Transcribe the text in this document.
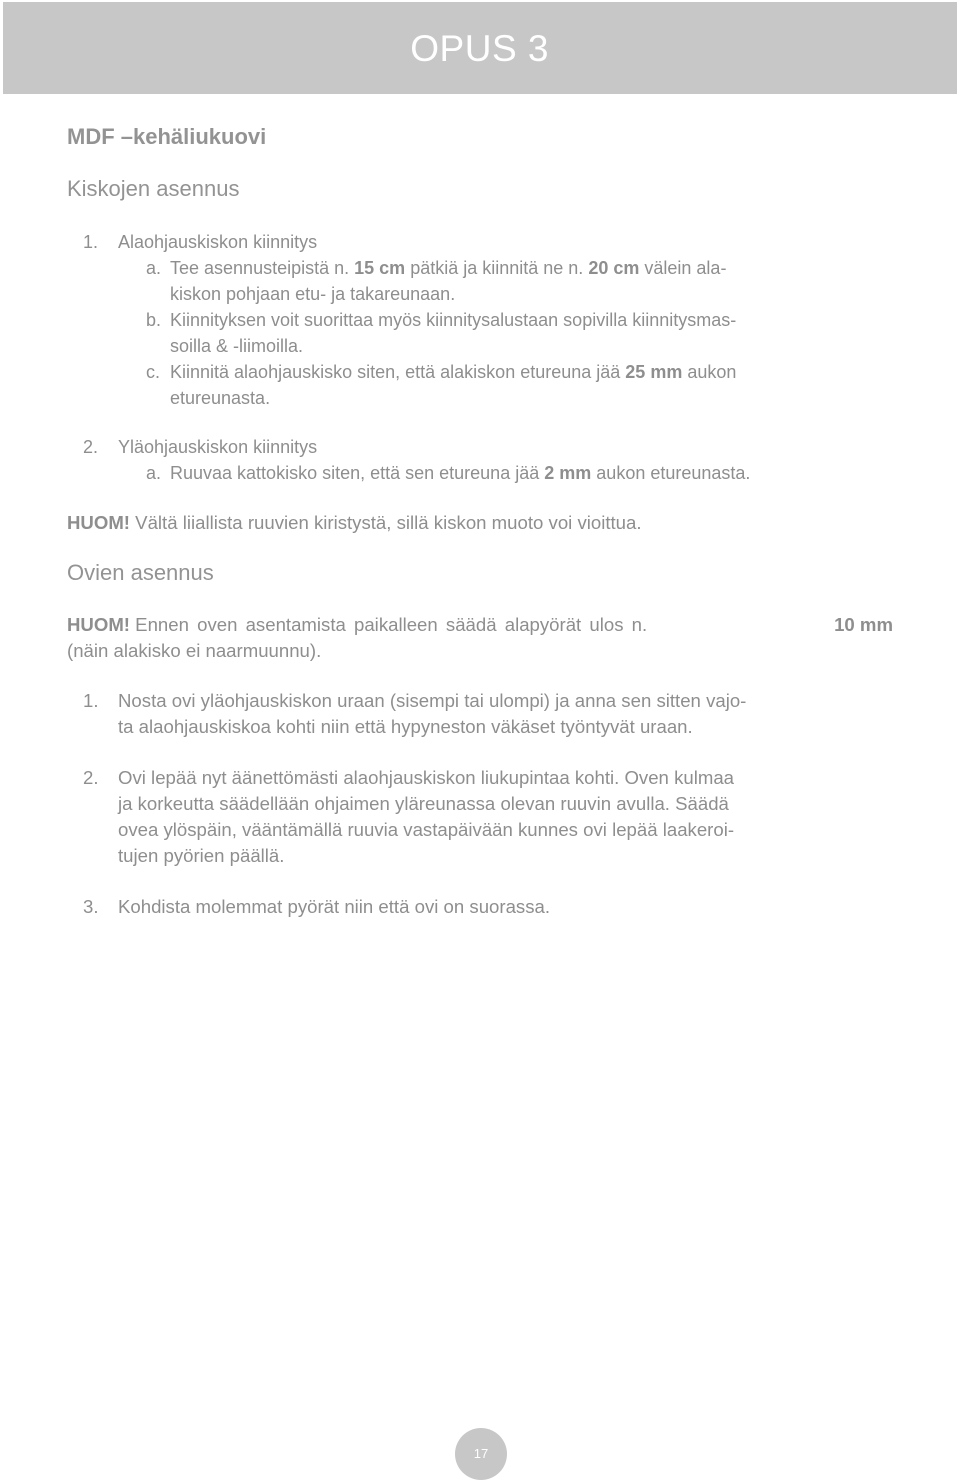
OPUS 3
MDF –kehäliukuovi
Kiskojen asennus
1. Alaohjauskiskon kiinnitys
a. Tee asennusteipistä n. 15 cm pätkiä ja kiinnitä ne n. 20 cm välein ala-
kiskon pohjaan etu- ja takareunaan.
b. Kiinnityksen voit suorittaa myös kiinnitysalustaan sopivilla kiinnitysmas-
soilla & -liimoilla.
c. Kiinnitä alaohjauskisko siten, että alakiskon etureuna jää 25 mm aukon
etureunasta.
2. Yläohjauskiskon kiinnitys
a. Ruuvaa kattokisko siten, että sen etureuna jää 2 mm aukon etureunasta.
HUOM! Vältä liiallista ruuvien kiristystä, sillä kiskon muoto voi vioittua.
Ovien asennus
HUOM! Ennen oven asentamista paikalleen säädä alapyörät ulos n.	10 mm
(näin alakisko ei naarmuunnu).
1. Nosta ovi yläohjauskiskon uraan (sisempi tai ulompi) ja anna sen sitten vajo-
ta alaohjauskiskoa kohti niin että hypyneston väkäset työntyvät uraan.
2. Ovi lepää nyt äänettömästi alaohjauskiskon liukupintaa kohti. Oven kulmaa
ja korkeutta säädellään ohjaimen yläreunassa olevan ruuvin avulla. Säädä
ovea ylöspäin, vääntämällä ruuvia vastapäivään kunnes ovi lepää laakeroi-
tujen pyörien päällä.
3. Kohdista molemmat pyörät niin että ovi on suorassa.
17
